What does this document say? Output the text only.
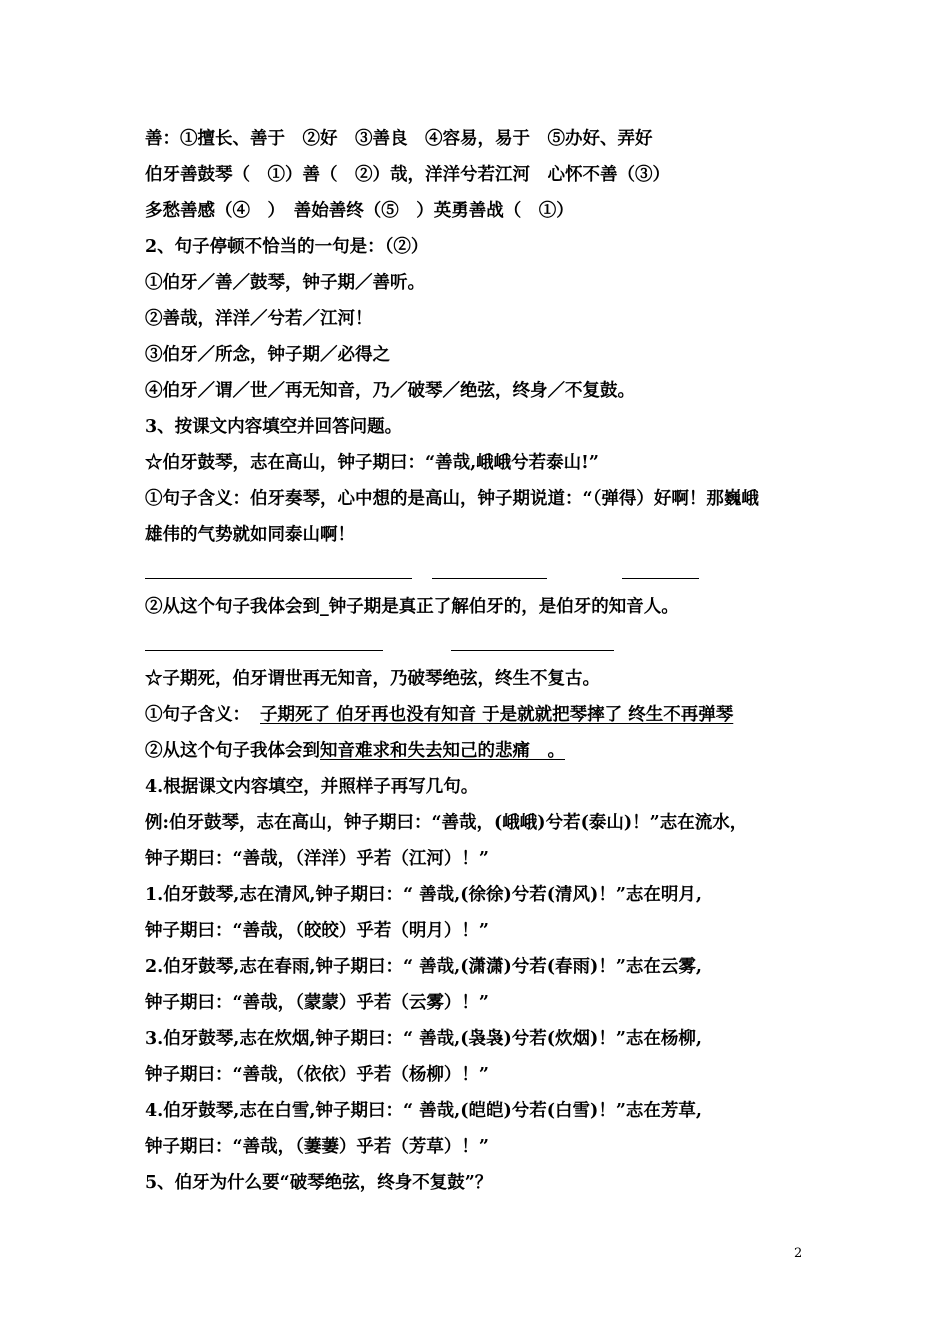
善：①擅长、善于　②好　③善良　④容易，易于　⑤办好、弄好
伯牙善鼓琴（　①）善（　②）哉，洋洋兮若江河　心怀不善（③）
多愁善感（④　）　善始善终（⑤　）英勇善战（　①）
2、句子停顿不恰当的一句是：（②）
①伯牙／善／鼓琴，钟子期／善听。
②善哉，洋洋／兮若／江河！
③伯牙／所念，钟子期／必得之
④伯牙／谓／世／再无知音，乃／破琴／绝弦，终身／不复鼓。
3、按课文内容填空并回答问题。
☆伯牙鼓琴，志在高山，钟子期曰：“善哉,峨峨兮若泰山!”
①句子含义：伯牙奏琴，心中想的是高山，钟子期说道：“（弹得）好啊！那巍峨
雄伟的气势就如同泰山啊！
②从这个句子我体会到_钟子期是真正了解伯牙的，是伯牙的知音人。
☆子期死，伯牙谓世再无知音，乃破琴绝弦，终生不复古。
①句子含义： 子期死了 伯牙再也没有知音 于是就就把琴摔了 终生不再弹琴
②从这个句子我体会到知音难求和失去知己的悲痛　。
4.根据课文内容填空，并照样子再写几句。
例:伯牙鼓琴，志在高山，钟子期曰：“善哉，(峨峨)兮若(泰山)！”志在流水，
钟子期曰：“善哉，（洋洋）乎若（江河）！”
1.伯牙鼓琴,志在清风,钟子期曰：“ 善哉,(徐徐)兮若(清风)！”志在明月,
钟子期曰：“善哉，（皎皎）乎若（明月）！”
2.伯牙鼓琴,志在春雨,钟子期曰：“ 善哉,(潇潇)兮若(春雨)！”志在云雾,
钟子期曰：“善哉，（蒙蒙）乎若（云雾）！”
3.伯牙鼓琴,志在炊烟,钟子期曰：“ 善哉,(袅袅)兮若(炊烟)！”志在杨柳,
钟子期曰：“善哉，（依依）乎若（杨柳）！”
4.伯牙鼓琴,志在白雪,钟子期曰：“ 善哉,(皑皑)兮若(白雪)！”志在芳草,
钟子期曰：“善哉，（萋萋）乎若（芳草）！”
5、伯牙为什么要“破琴绝弦，终身不复鼓”？
2
